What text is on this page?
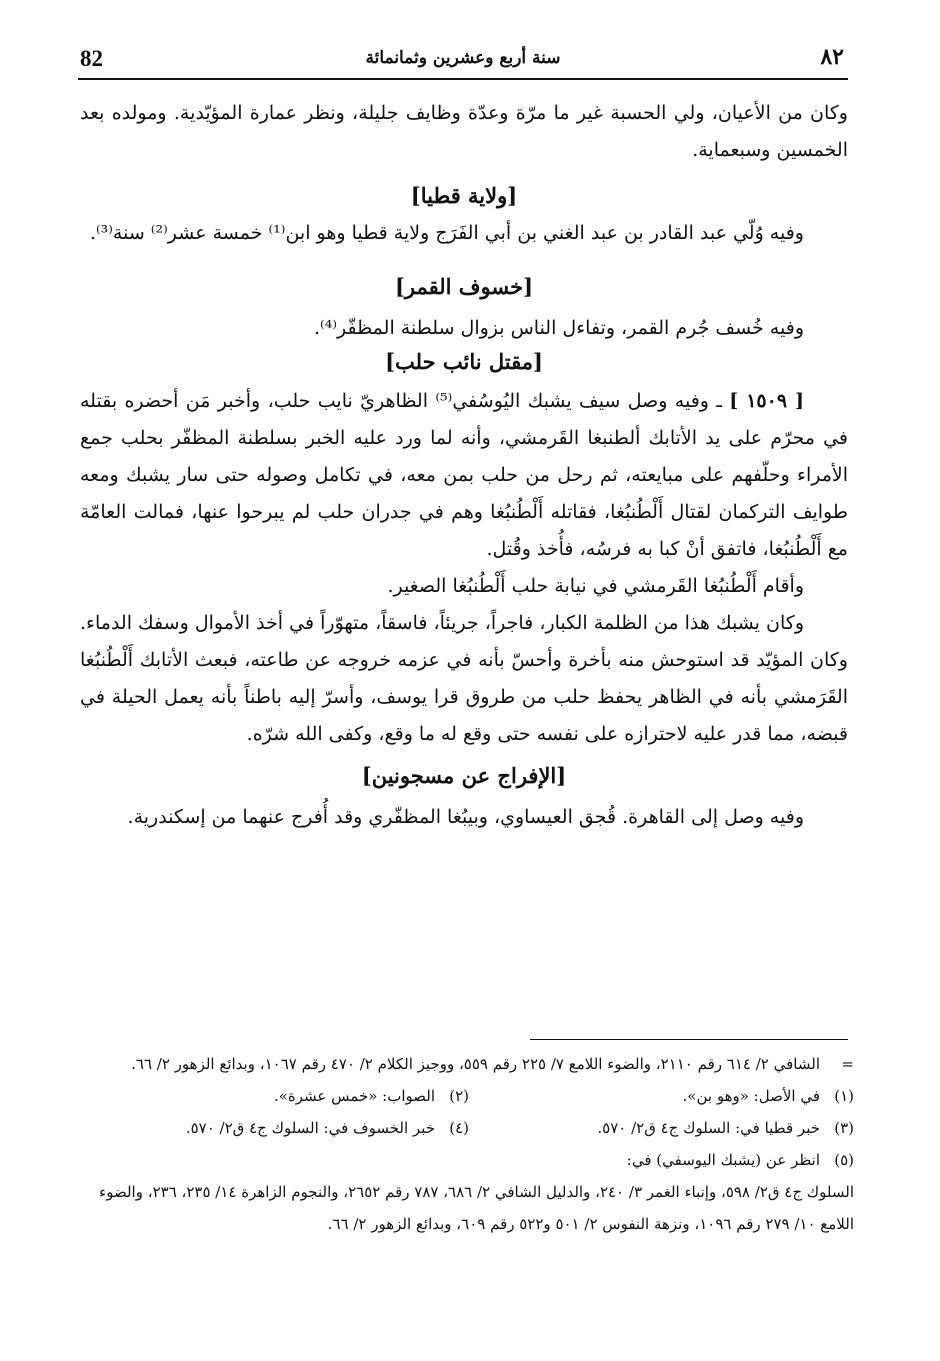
82	سنة أربع وعشرين وثمانمائة	٨٢

وكان من الأعيان، ولي الحسبة غير ما مرّة وعدّة وظايف جليلة، ونظر عمارة المؤيّدية. ومولده بعد الخمسين وسبعماية.

[ولاية قطيا]

وفيه وُلّي عبد القادر بن عبد الغني بن أبي الفَرَج ولاية قطيا وهو ابن⁽¹⁾ خمسة عشر⁽²⁾ سنة⁽³⁾.

[خسوف القمر]

وفيه خُسف جُرم القمر، وتفاءل الناس بزوال سلطنة المظفّر⁽⁴⁾.

[مقتل نائب حلب]

[ ١٥٠٩ ] ـ وفيه وصل سيف يشبك اليُوسُفي⁽⁵⁾ الظاهريّ نايب حلب، وأخبر مَن أحضره بقتله في محرّم على يد الأتابك ألطنبغا القَرمشي، وأنه لما ورد عليه الخبر بسلطنة المظفّر بحلب جمع الأمراء وحلّفهم على مبايعته، ثم رحل من حلب بمن معه، في تكامل وصوله حتى سار يشبك ومعه طوايف التركمان لقتال أَلْطُنبُغا، فقاتله أَلْطُنبُغا وهم في جدران حلب لم يبرحوا عنها، فمالت العامّة مع أَلْطُنبُغا، فاتفق أنْ كبا به فرسُه، فأُخذ وقُتل.

وأقام أَلْطُنبُغا القَرمشي في نيابة حلب أَلْطُنبُغا الصغير.

وكان يشبك هذا من الظلمة الكبار، فاجراً، جريئاً، فاسقاً، متهوّراً في أخذ الأموال وسفك الدماء. وكان المؤيّد قد استوحش منه بأخرة وأحسّ بأنه في عزمه خروجه عن طاعته، فبعث الأتابك أَلْطُنبُغا القَرَمشي بأنه في الظاهر يحفظ حلب من طروق قرا يوسف، وأسرّ إليه باطناً بأنه يعمل الحيلة في قبضه، مما قدر عليه لاحترازه على نفسه حتى وقع له ما وقع، وكفى الله شرّه.

[الإفراج عن مسجونين]

وفيه وصل إلى القاهرة. قُجق العيساوي، وبيبُغا المظفّري وقد أُفرج عنهما من إسكندرية.

=الشافي ٢/ ٦١٤ رقم ٢١١٠، والضوء اللامع ٧/ ٢٢٥ رقم ٥٥٩، ووجيز الكلام ٢/ ٤٧٠ رقم ١٠٦٧، وبدائع الزهور ٢/ ٦٦.

(١)في الأصل: «وهو بن».
(٢)الصواب: «خمس عشرة».
(٣)خبر قطيا في: السلوك ج٤ ق٢/ ٥٧٠.
(٤)خبر الخسوف في: السلوك ج٤ ق٢/ ٥٧٠.

(٥)انظر عن (يشبك اليوسفي) في:

السلوك ج٤ ق٢/ ٥٩٨، وإنباء الغمر ٣/ ٢٤٠، والدليل الشافي ٢/ ٦٨٦، ٧٨٧ رقم ٢٦٥٢، والنجوم الزاهرة ١٤/ ٢٣٥، ٢٣٦، والضوء اللامع ١٠/ ٢٧٩ رقم ١٠٩٦، ونزهة النفوس ٢/ ٥٠١ و٥٢٢ رقم ٦٠٩، وبدائع الزهور ٢/ ٦٦.
